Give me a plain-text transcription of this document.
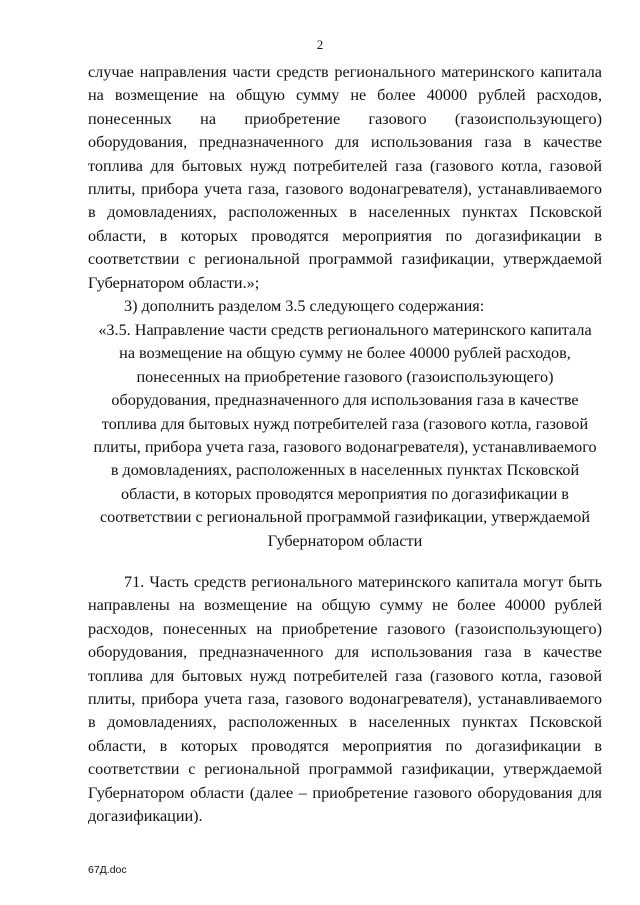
2
случае направления части средств регионального материнского капитала
на возмещение на общую сумму не более 40000 рублей расходов,
понесенных на приобретение газового (газоиспользующего)
оборудования, предназначенного для использования газа в качестве
топлива для бытовых нужд потребителей газа (газового котла, газовой
плиты, прибора учета газа, газового водонагревателя), устанавливаемого
в домовладениях, расположенных в населенных пунктах Псковской
области, в которых проводятся мероприятия по догазификации в
соответствии с региональной программой газификации, утверждаемой
Губернатором области.»;
3) дополнить разделом 3.5 следующего содержания:
«3.5. Направление части средств регионального материнского капитала
на возмещение на общую сумму не более 40000 рублей расходов,
понесенных на приобретение газового (газоиспользующего)
оборудования, предназначенного для использования газа в качестве
топлива для бытовых нужд потребителей газа (газового котла, газовой
плиты, прибора учета газа, газового водонагревателя), устанавливаемого
в домовладениях, расположенных в населенных пунктах Псковской
области, в которых проводятся мероприятия по догазификации в
соответствии с региональной программой газификации, утверждаемой
Губернатором области
71. Часть средств регионального материнского капитала могут быть
направлены на возмещение на общую сумму не более 40000 рублей
расходов, понесенных на приобретение газового (газоиспользующего)
оборудования, предназначенного для использования газа в качестве
топлива для бытовых нужд потребителей газа (газового котла, газовой
плиты, прибора учета газа, газового водонагревателя), устанавливаемого
в домовладениях, расположенных в населенных пунктах Псковской
области, в которых проводятся мероприятия по догазификации в
соответствии с региональной программой газификации, утверждаемой
Губернатором области (далее – приобретение газового оборудования для
догазификации).
67Д.doc
